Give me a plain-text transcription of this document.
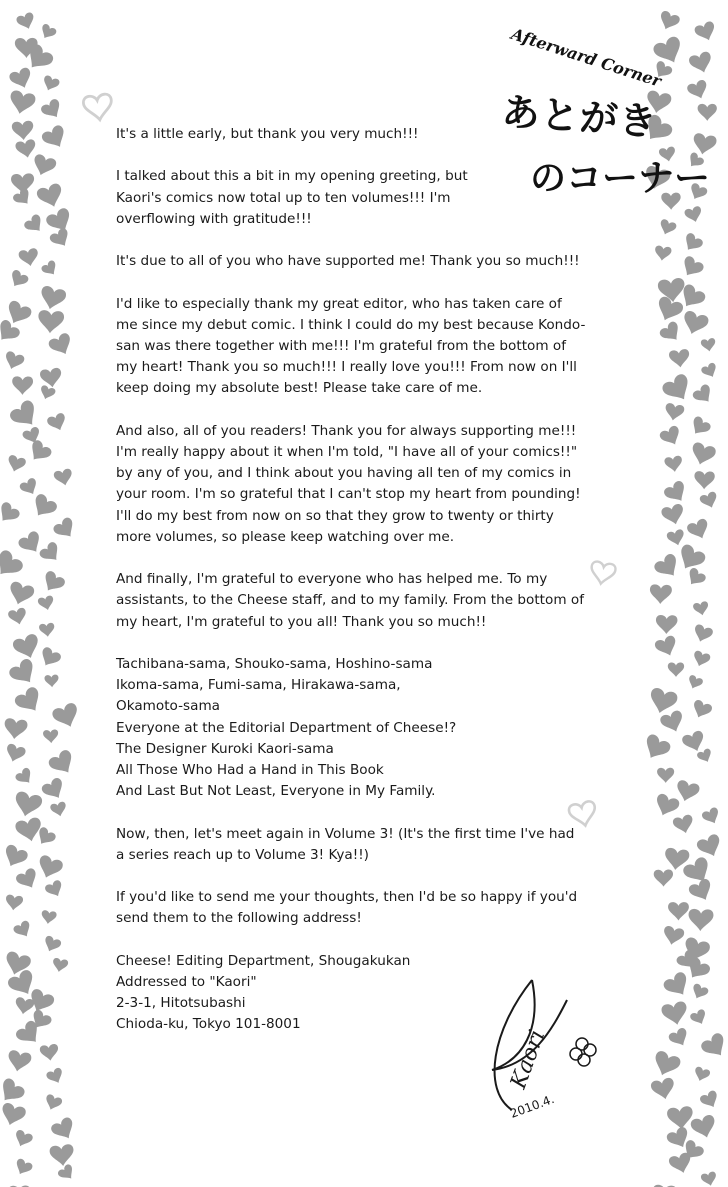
Afterward Corner
あとがき
のコーナー

It's a little early, but thank you very much!!!

I talked about this a bit in my opening greeting, but Kaori's comics now total up to ten volumes!!! I'm overflowing with gratitude!!!

It's due to all of you who have supported me! Thank you so much!!!

I'd like to especially thank my great editor, who has taken care of me since my debut comic. I think I could do my best because Kondo-san was there together with me!!! I'm grateful from the bottom of my heart! Thank you so much!!! I really love you!!! From now on I'll keep doing my absolute best! Please take care of me.

And also, all of you readers! Thank you for always supporting me!!! I'm really happy about it when I'm told, "I have all of your comics!!" by any of you, and I think about you having all ten of my comics in your room. I'm so grateful that I can't stop my heart from pounding! I'll do my best from now on so that they grow to twenty or thirty more volumes, so please keep watching over me.

And finally, I'm grateful to everyone who has helped me. To my assistants, to the Cheese staff, and to my family. From the bottom of my heart, I'm grateful to you all! Thank you so much!!

Tachibana-sama, Shouko-sama, Hoshino-sama
Ikoma-sama, Fumi-sama, Hirakawa-sama,
Okamoto-sama
Everyone at the Editorial Department of Cheese!?
The Designer Kuroki Kaori-sama
All Those Who Had a Hand in This Book
And Last But Not Least, Everyone in My Family.

Now, then, let's meet again in Volume 3! (It's the first time I've had a series reach up to Volume 3! Kya!!)

If you'd like to send me your thoughts, then I'd be so happy if you'd send them to the following address!

Cheese! Editing Department, Shougakukan
Addressed to "Kaori"
2-3-1, Hitotsubashi
Chioda-ku, Tokyo 101-8001
Kaori
2010.4.
